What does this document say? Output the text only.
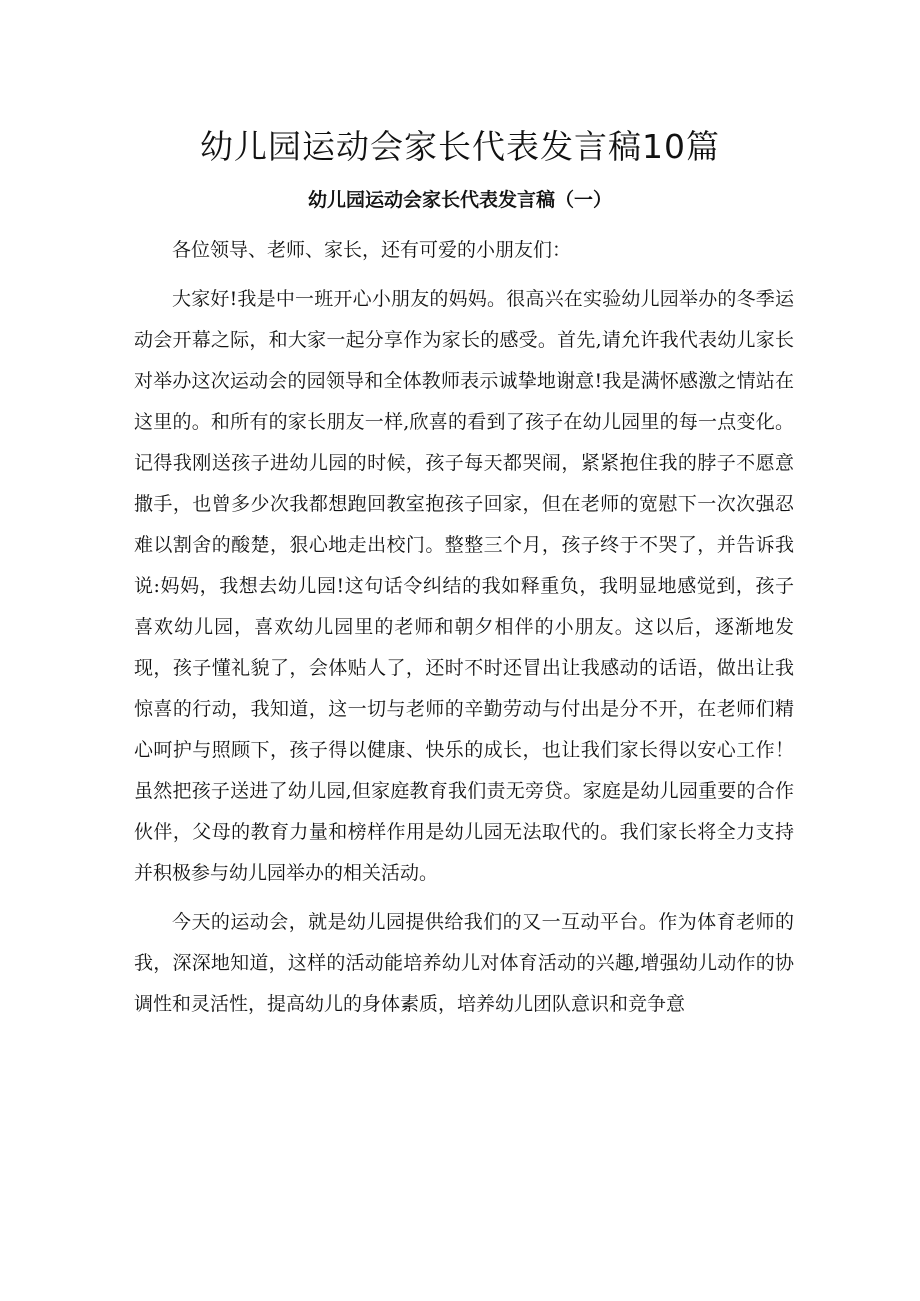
幼儿园运动会家长代表发言稿10篇
幼儿园运动会家长代表发言稿（一）

各位领导、老师、家长，还有可爱的小朋友们：

大家好!我是中一班开心小朋友的妈妈。很高兴在实验幼儿园举办的冬季运动会开幕之际，和大家一起分享作为家长的感受。首先,请允许我代表幼儿家长对举办这次运动会的园领导和全体教师表示诚挚地谢意!我是满怀感激之情站在这里的。和所有的家长朋友一样,欣喜的看到了孩子在幼儿园里的每一点变化。记得我刚送孩子进幼儿园的时候，孩子每天都哭闹，紧紧抱住我的脖子不愿意撒手，也曾多少次我都想跑回教室抱孩子回家，但在老师的宽慰下一次次强忍难以割舍的酸楚，狠心地走出校门。整整三个月，孩子终于不哭了，并告诉我说:妈妈，我想去幼儿园!这句话令纠结的我如释重负，我明显地感觉到，孩子喜欢幼儿园，喜欢幼儿园里的老师和朝夕相伴的小朋友。这以后，逐渐地发现，孩子懂礼貌了，会体贴人了，还时不时还冒出让我感动的话语，做出让我惊喜的行动，我知道，这一切与老师的辛勤劳动与付出是分不开，在老师们精心呵护与照顾下，孩子得以健康、快乐的成长，也让我们家长得以安心工作！虽然把孩子送进了幼儿园,但家庭教育我们责无旁贷。家庭是幼儿园重要的合作伙伴，父母的教育力量和榜样作用是幼儿园无法取代的。我们家长将全力支持并积极参与幼儿园举办的相关活动。

今天的运动会，就是幼儿园提供给我们的又一互动平台。作为体育老师的我，深深地知道，这样的活动能培养幼儿对体育活动的兴趣,增强幼儿动作的协调性和灵活性，提高幼儿的身体素质，培养幼儿团队意识和竞争意
